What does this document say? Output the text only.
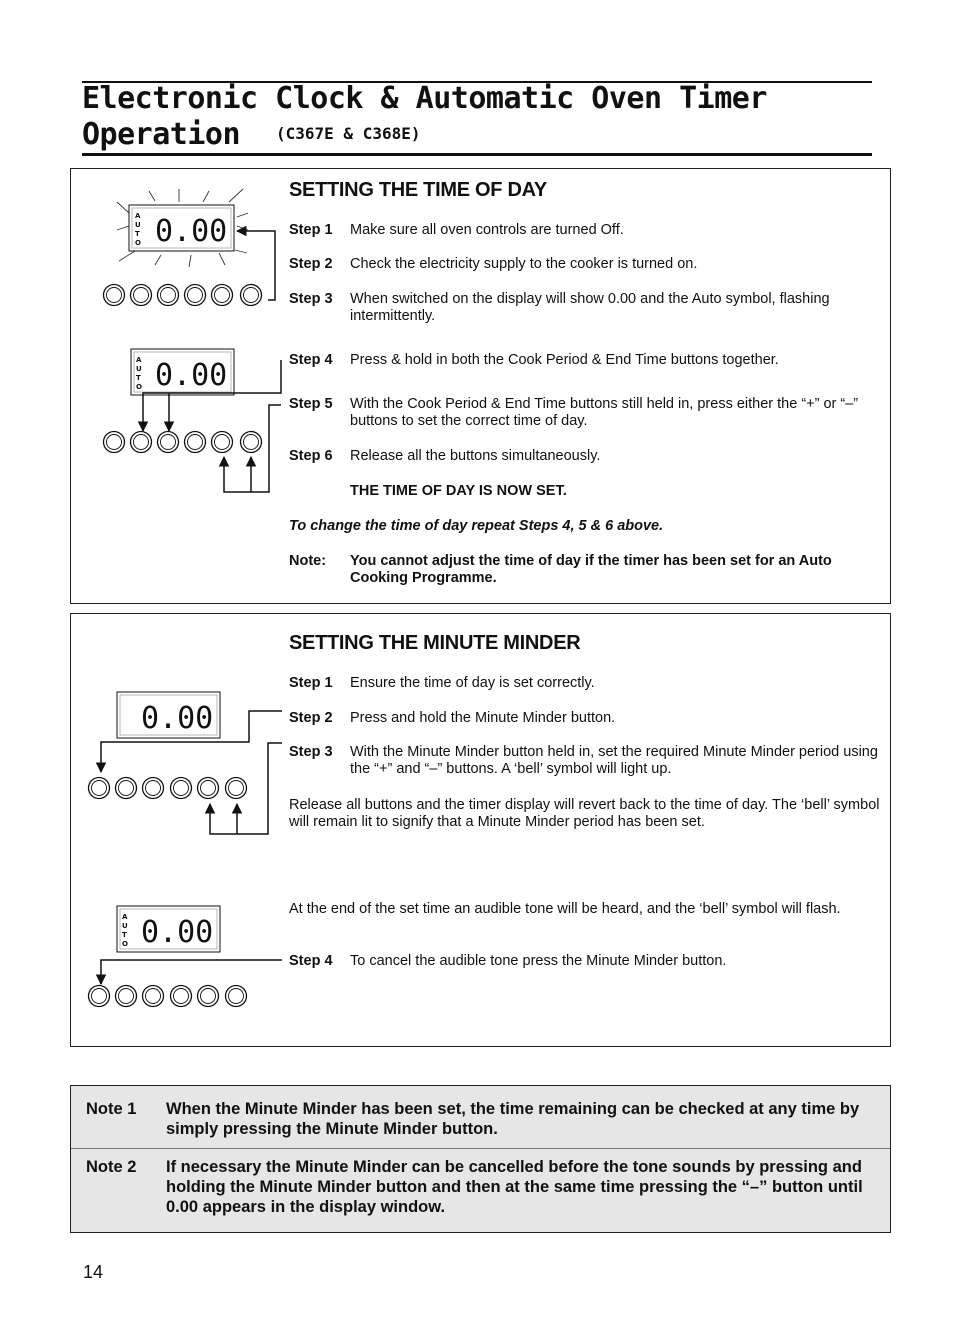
Electronic Clock & Automatic Oven Timer
Operation (C367E & C368E)
A
U
T
O 0.00
A
U
T
O 0.00
SETTING THE TIME OF DAY
Step 1 Make sure all oven controls are turned Off.
Step 2 Check the electricity supply to the cooker is turned on.
Step 3 When switched on the display will show 0.00 and the Auto symbol, flashing intermittently.
Step 4 Press & hold in both the Cook Period & End Time buttons together.
Step 5 With the Cook Period & End Time buttons still held in, press either the “+” or “–” buttons to set the correct time of day.
Step 6 Release all the buttons simultaneously.
THE TIME OF DAY IS NOW SET.
To change the time of day repeat Steps 4, 5 & 6 above.
Note: You cannot adjust the time of day if the timer has been set for an Auto Cooking Programme.
0.00
A
U
T
O 0.00
SETTING THE MINUTE MINDER
Step 1 Ensure the time of day is set correctly.
Step 2 Press and hold the Minute Minder button.
Step 3 With the Minute Minder button held in, set the required Minute Minder period using the “+” and “–” buttons. A ‘bell’ symbol will light up.
Release all buttons and the timer display will revert back to the time of day. The ‘bell’ symbol will remain lit to signify that a Minute Minder period has been set.
At the end of the set time an audible tone will be heard, and the ‘bell’ symbol will flash.
Step 4 To cancel the audible tone press the Minute Minder button.
Note 1 When the Minute Minder has been set, the time remaining can be checked at any time by simply pressing the Minute Minder button.
Note 2 If necessary the Minute Minder can be cancelled before the tone sounds by pressing and holding the Minute Minder button and then at the same time pressing the “–” button until 0.00 appears in the display window.
14
